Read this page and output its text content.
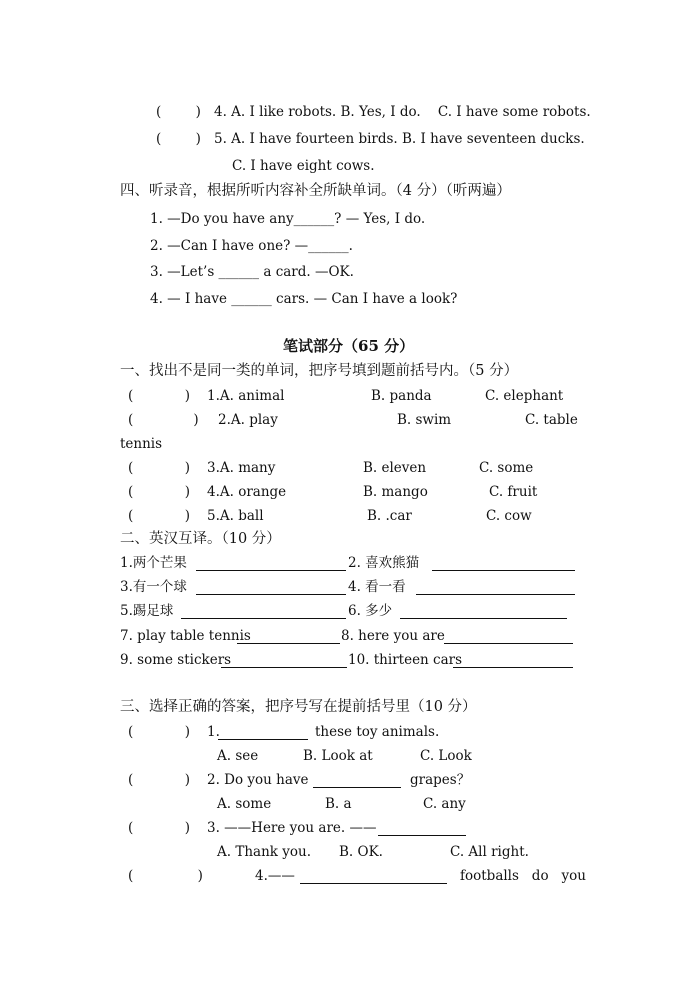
(        ) 4. A. I like robots. B. Yes, I do.    C. I have some robots.
(        ) 5. A. I have fourteen birds. B. I have seventeen ducks.
C. I have eight cows.
四、听录音，根据所听内容补全所缺单词。（4 分）（听两遍）
1. —Do you have any______? — Yes, I do.
2. —Can I have one? —______.
3. —Let’s ______ a card. —OK.
4. — I have ______ cars. — Can I have a look?
笔试部分（65 分）
一、找出不是同一类的单词，把序号填到题前括号内。（5 分）
(            ) 1.A. animal	B. panda	C. elephant
(              ) 2.A. play	B. swim	C. table
tennis
(            ) 3.A. many	B. eleven	C. some
(            ) 4.A. orange	B. mango	C. fruit
(            ) 5.A. ball	B. .car	C. cow
二、英汉互译。（10 分）
1.两个芒果	2. 喜欢熊猫
3.有一个球	4. 看一看
5.踢足球	6. 多少
7. play table tennis	8. here you are
9. some stickers	10. thirteen cars
三、选择正确的答案，把序号写在提前括号里（10 分）
(            ) 1.	these toy animals.
A. see	B. Look at	C. Look
(            ) 2. Do you have	grapes？
A. some	B. a	C. any
(            ) 3. ——Here you are. ——
A. Thank you. B. OK.	C. All right.
(               )	4.——	footballs   do   you
